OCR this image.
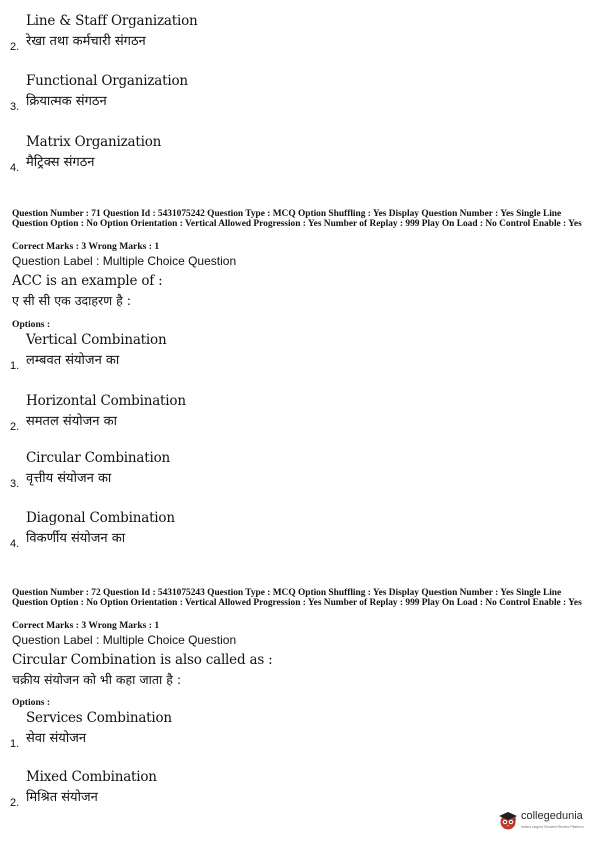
Line & Staff Organization
रेखा तथा कर्मचारी संगठन
2.
Functional Organization
क्रियात्मक संगठन
3.
Matrix Organization
मैट्रिक्स संगठन
4.
Question Number : 71 Question Id : 5431075242 Question Type : MCQ Option Shuffling : Yes Display Question Number : Yes Single Line Question Option : No Option Orientation : Vertical Allowed Progression : Yes Number of Replay : 999 Play On Load : No Control Enable : Yes
Correct Marks : 3 Wrong Marks : 1
Question Label : Multiple Choice Question
ACC is an example of :
ए सी सी एक उदाहरण है :
Options :
Vertical Combination
लम्बवत संयोजन का
1.
Horizontal Combination
समतल संयोजन का
2.
Circular Combination
वृत्तीय संयोजन का
3.
Diagonal Combination
विकर्णीय संयोजन का
4.
Question Number : 72 Question Id : 5431075243 Question Type : MCQ Option Shuffling : Yes Display Question Number : Yes Single Line Question Option : No Option Orientation : Vertical Allowed Progression : Yes Number of Replay : 999 Play On Load : No Control Enable : Yes
Correct Marks : 3 Wrong Marks : 1
Question Label : Multiple Choice Question
Circular Combination is also called as :
चक्रीय संयोजन को भी कहा जाता है :
Options :
Services Combination
सेवा संयोजन
1.
Mixed Combination
मिश्रित संयोजन
2.
collegedunia
India's largest Student Review Platform
